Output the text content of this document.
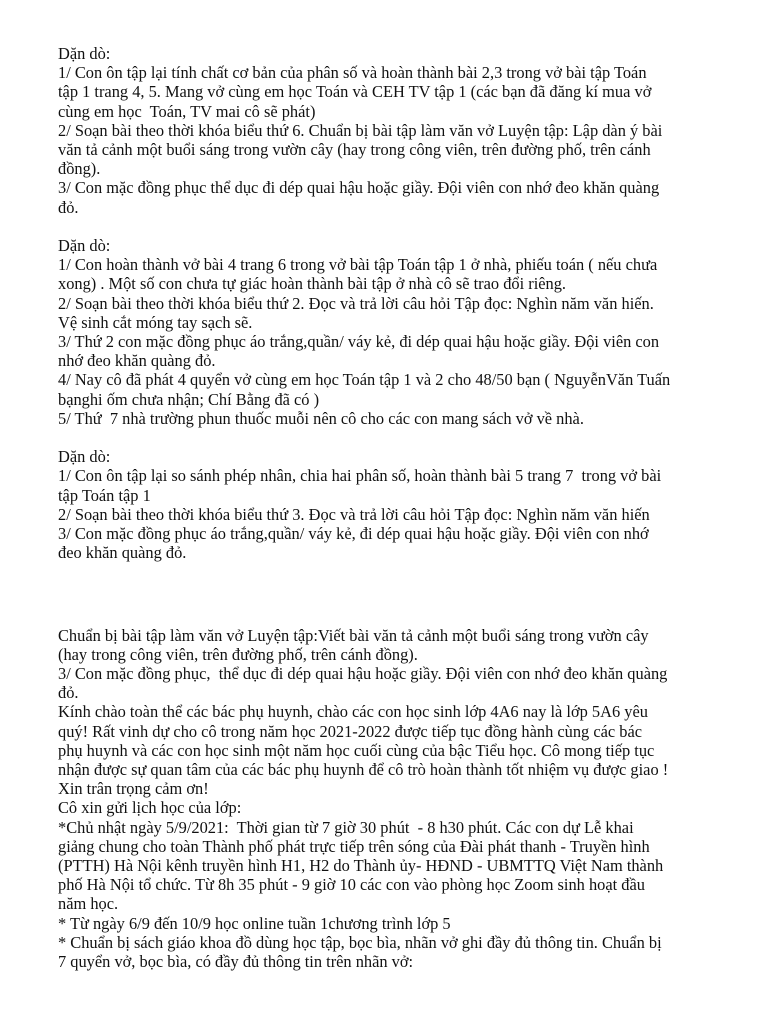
Dặn dò:
1/ Con ôn tập lại tính chất cơ bản của phân số và hoàn thành bài 2,3 trong vở bài tập Toán
tập 1 trang 4, 5. Mang vở cùng em học Toán và CEH TV tập 1 (các bạn đã đăng kí mua vở
cùng em học  Toán, TV mai cô sẽ phát)
2/ Soạn bài theo thời khóa biểu thứ 6. Chuẩn bị bài tập làm văn vở Luyện tập: Lập dàn ý bài
văn tả cảnh một buổi sáng trong vườn cây (hay trong công viên, trên đường phố, trên cánh
đồng).
3/ Con mặc đồng phục thể dục đi dép quai hậu hoặc giầy. Đội viên con nhớ đeo khăn quàng
đỏ.
Dặn dò:
1/ Con hoàn thành vở bài 4 trang 6 trong vở bài tập Toán tập 1 ở nhà, phiếu toán ( nếu chưa
xong) . Một số con chưa tự giác hoàn thành bài tập ở nhà cô sẽ trao đổi riêng.
2/ Soạn bài theo thời khóa biểu thứ 2. Đọc và trả lời câu hỏi Tập đọc: Nghìn năm văn hiến.
Vệ sinh cắt móng tay sạch sẽ.
3/ Thứ 2 con mặc đồng phục áo trắng,quần/ váy kẻ, đi dép quai hậu hoặc giầy. Đội viên con
nhớ đeo khăn quàng đỏ.
4/ Nay cô đã phát 4 quyển vở cùng em học Toán tập 1 và 2 cho 48/50 bạn ( NguyễnVăn Tuấn
bạnghi ốm chưa nhận; Chí Bằng đã có )
5/ Thứ  7 nhà trường phun thuốc muỗi nên cô cho các con mang sách vở về nhà.
Dặn dò:
1/ Con ôn tập lại so sánh phép nhân, chia hai phân số, hoàn thành bài 5 trang 7  trong vở bài
tập Toán tập 1
2/ Soạn bài theo thời khóa biểu thứ 3. Đọc và trả lời câu hỏi Tập đọc: Nghìn năm văn hiến
3/ Con mặc đồng phục áo trắng,quần/ váy kẻ, đi dép quai hậu hoặc giầy. Đội viên con nhớ
đeo khăn quàng đỏ.
Chuẩn bị bài tập làm văn vở Luyện tập:Viết bài văn tả cảnh một buổi sáng trong vườn cây
(hay trong công viên, trên đường phố, trên cánh đồng).
3/ Con mặc đồng phục,  thể dục đi dép quai hậu hoặc giầy. Đội viên con nhớ đeo khăn quàng
đỏ.
Kính chào toàn thể các bác phụ huynh, chào các con học sinh lớp 4A6 nay là lớp 5A6 yêu
quý! Rất vinh dự cho cô trong năm học 2021-2022 được tiếp tục đồng hành cùng các bác
phụ huynh và các con học sinh một năm học cuối cùng của bậc Tiểu học. Cô mong tiếp tục
nhận được sự quan tâm của các bác phụ huynh để cô trò hoàn thành tốt nhiệm vụ được giao !
Xin trân trọng cảm ơn!
Cô xin gửi lịch học của lớp:
*Chủ nhật ngày 5/9/2021:  Thời gian từ 7 giờ 30 phút  - 8 h30 phút. Các con dự Lễ khai
giảng chung cho toàn Thành phố phát trực tiếp trên sóng của Đài phát thanh - Truyền hình
(PTTH) Hà Nội kênh truyền hình H1, H2 do Thành ủy- HĐND - UBMTTQ Việt Nam thành
phố Hà Nội tổ chức. Từ 8h 35 phút - 9 giờ 10 các con vào phòng học Zoom sinh hoạt đầu
năm học.
* Từ ngày 6/9 đến 10/9 học online tuần 1chương trình lớp 5
* Chuẩn bị sách giáo khoa đồ dùng học tập, bọc bìa, nhãn vở ghi đầy đủ thông tin. Chuẩn bị
7 quyển vở, bọc bìa, có đầy đủ thông tin trên nhãn vở:
